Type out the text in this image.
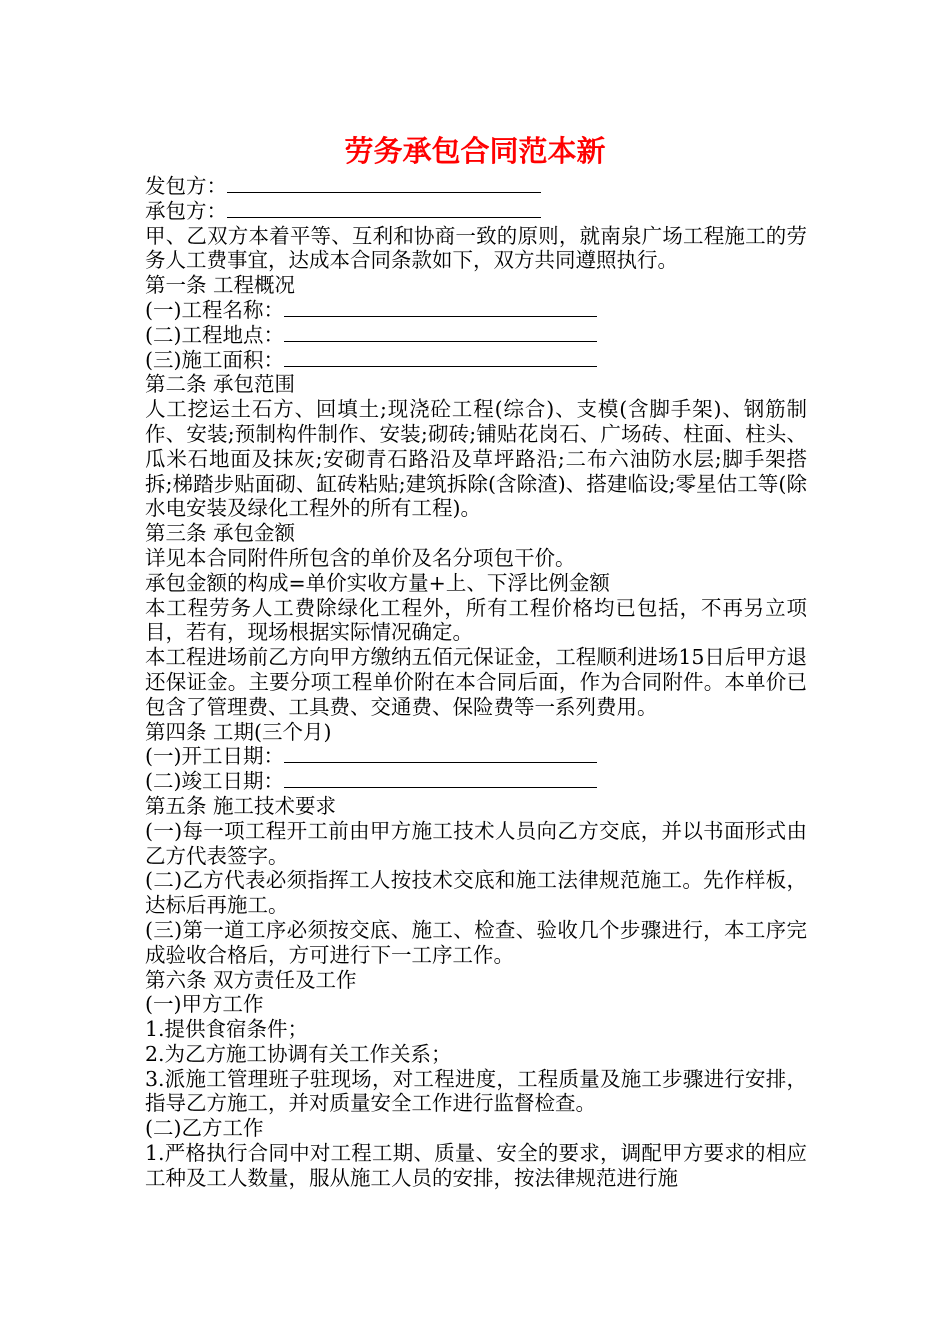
劳务承包合同范本新

发包方：

承包方：

甲、乙双方本着平等、互利和协商一致的原则，就南泉广场工程施工的劳务人工费事宜，达成本合同条款如下，双方共同遵照执行。

第一条 工程概况

(一)工程名称：

(二)工程地点：

(三)施工面积：

第二条 承包范围

人工挖运土石方、回填土;现浇砼工程(综合)、支模(含脚手架)、钢筋制作、安装;预制构件制作、安装;砌砖;铺贴花岗石、广场砖、柱面、柱头、瓜米石地面及抹灰;安砌青石路沿及草坪路沿;二布六油防水层;脚手架搭拆;梯踏步贴面砌、缸砖粘贴;建筑拆除(含除渣)、搭建临设;零星估工等(除水电安装及绿化工程外的所有工程)。

第三条 承包金额

详见本合同附件所包含的单价及名分项包干价。

承包金额的构成=单价实收方量+上、下浮比例金额

本工程劳务人工费除绿化工程外，所有工程价格均已包括，不再另立项目，若有，现场根据实际情况确定。

本工程进场前乙方向甲方缴纳五佰元保证金，工程顺利进场15日后甲方退还保证金。主要分项工程单价附在本合同后面，作为合同附件。本单价已包含了管理费、工具费、交通费、保险费等一系列费用。

第四条 工期(三个月)

(一)开工日期：

(二)竣工日期：

第五条 施工技术要求

(一)每一项工程开工前由甲方施工技术人员向乙方交底，并以书面形式由乙方代表签字。

(二)乙方代表必须指挥工人按技术交底和施工法律规范施工。先作样板，达标后再施工。

(三)第一道工序必须按交底、施工、检查、验收几个步骤进行，本工序完成验收合格后，方可进行下一工序工作。

第六条 双方责任及工作

(一)甲方工作

1.提供食宿条件；

2.为乙方施工协调有关工作关系；

3.派施工管理班子驻现场，对工程进度，工程质量及施工步骤进行安排，指导乙方施工，并对质量安全工作进行监督检查。

(二)乙方工作

1.严格执行合同中对工程工期、质量、安全的要求，调配甲方要求的相应工种及工人数量，服从施工人员的安排，按法律规范进行施
